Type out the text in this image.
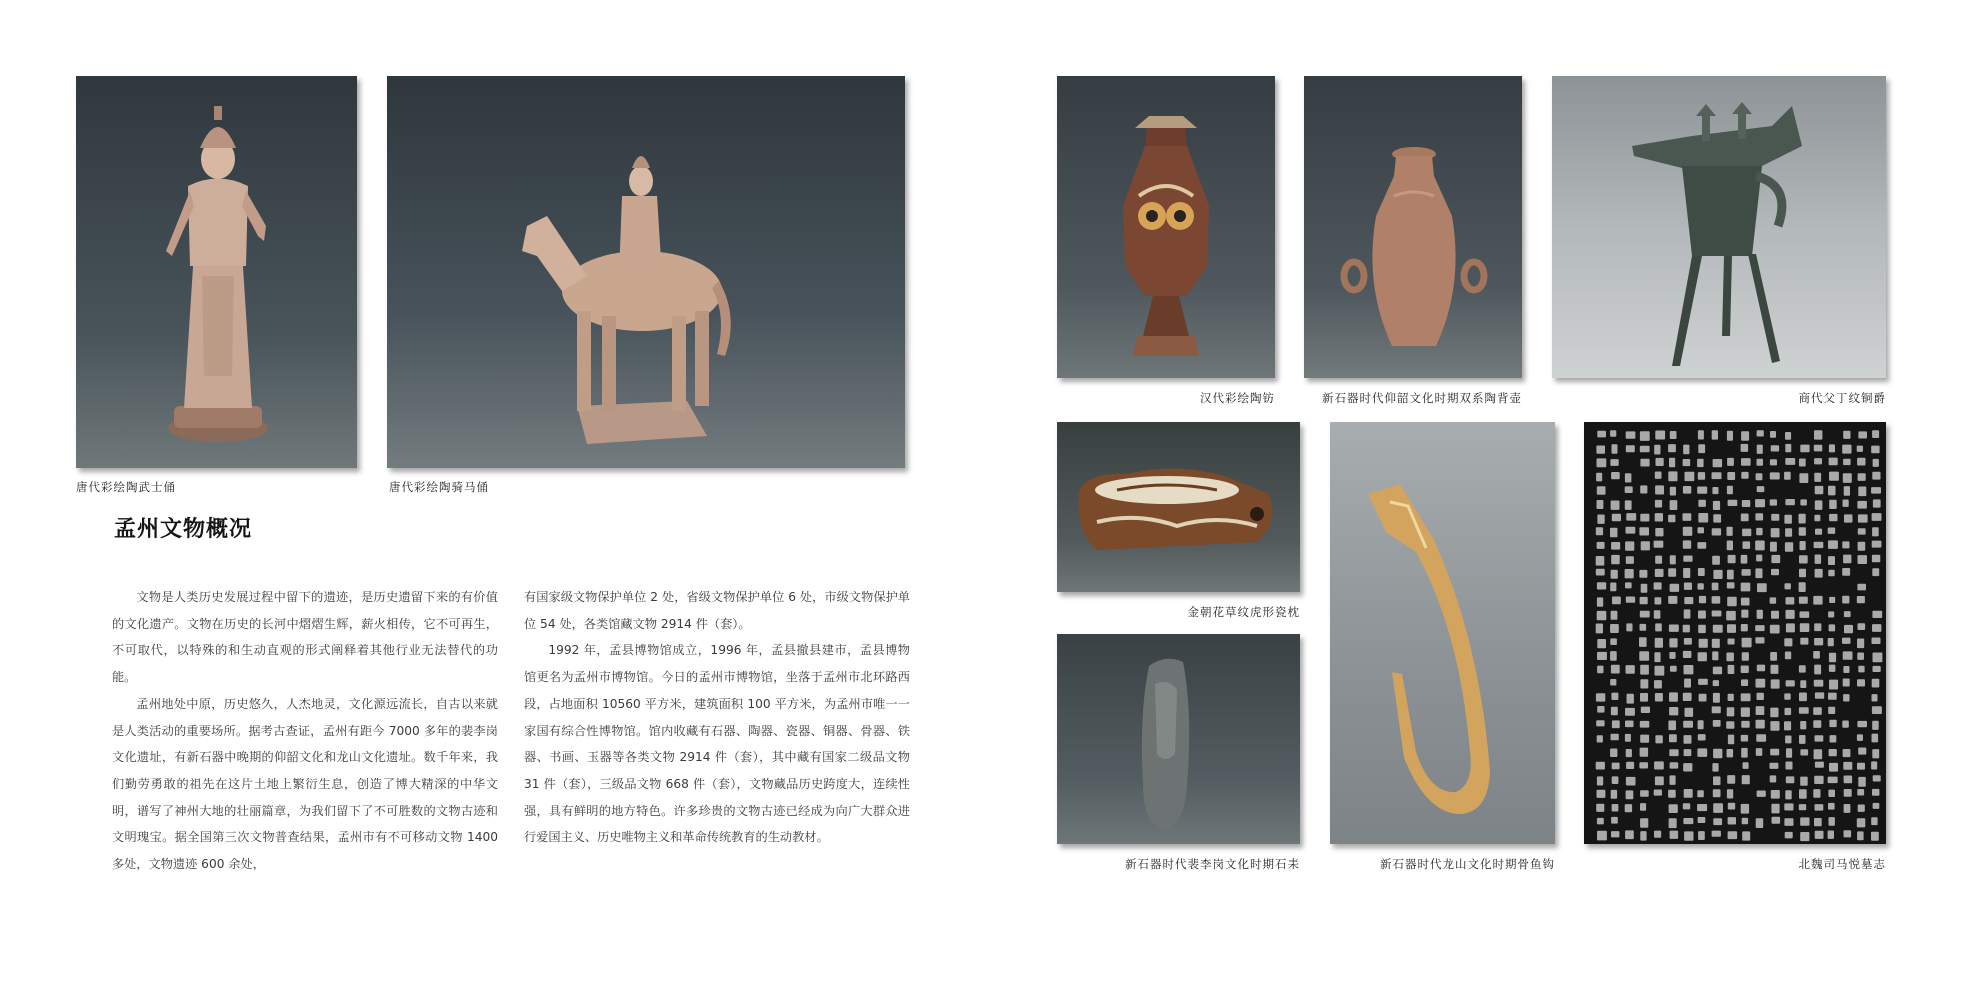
唐代彩绘陶武士俑	唐代彩绘陶骑马俑
孟州文物概况

文物是人类历史发展过程中留下的遗迹，是历史遗留下来的有价值的文化遗产。文物在历史的长河中熠熠生辉，薪火相传，它不可再生，不可取代，以特殊的和生动直观的形式阐释着其他行业无法替代的功能。

孟州地处中原，历史悠久，人杰地灵，文化源远流长，自古以来就是人类活动的重要场所。据考古查证，孟州有距今 7000 多年的裴李岗文化遗址，有新石器中晚期的仰韶文化和龙山文化遗址。数千年来，我们勤劳勇敢的祖先在这片土地上繁衍生息，创造了博大精深的中华文明，谱写了神州大地的壮丽篇章，为我们留下了不可胜数的文物古迹和文明瑰宝。据全国第三次文物普查结果，孟州市有不可移动文物 1400 多处，文物遗迹 600 余处，

有国家级文物保护单位 2 处，省级文物保护单位 6 处，市级文物保护单位 54 处，各类馆藏文物 2914 件（套）。

1992 年，孟县博物馆成立，1996 年，孟县撤县建市，孟县博物馆更名为孟州市博物馆。今日的孟州市博物馆，坐落于孟州市北环路西段，占地面积 10560 平方米，建筑面积 100 平方米，为孟州市唯一一家国有综合性博物馆。馆内收藏有石器、陶器、瓷器、铜器、骨器、铁器、书画、玉器等各类文物 2914 件（套），其中藏有国家二级品文物 31 件（套），三级品文物 668 件（套），文物藏品历史跨度大，连续性强，具有鲜明的地方特色。许多珍贵的文物古迹已经成为向广大群众进行爱国主义、历史唯物主义和革命传统教育的生动教材。

汉代彩绘陶钫	新石器时代仰韶文化时期双系陶背壶	商代父丁纹铜爵
金朝花草纹虎形瓷枕
新石器时代裴李岗文化时期石耒	新石器时代龙山文化时期骨鱼钩	北魏司马悦墓志
